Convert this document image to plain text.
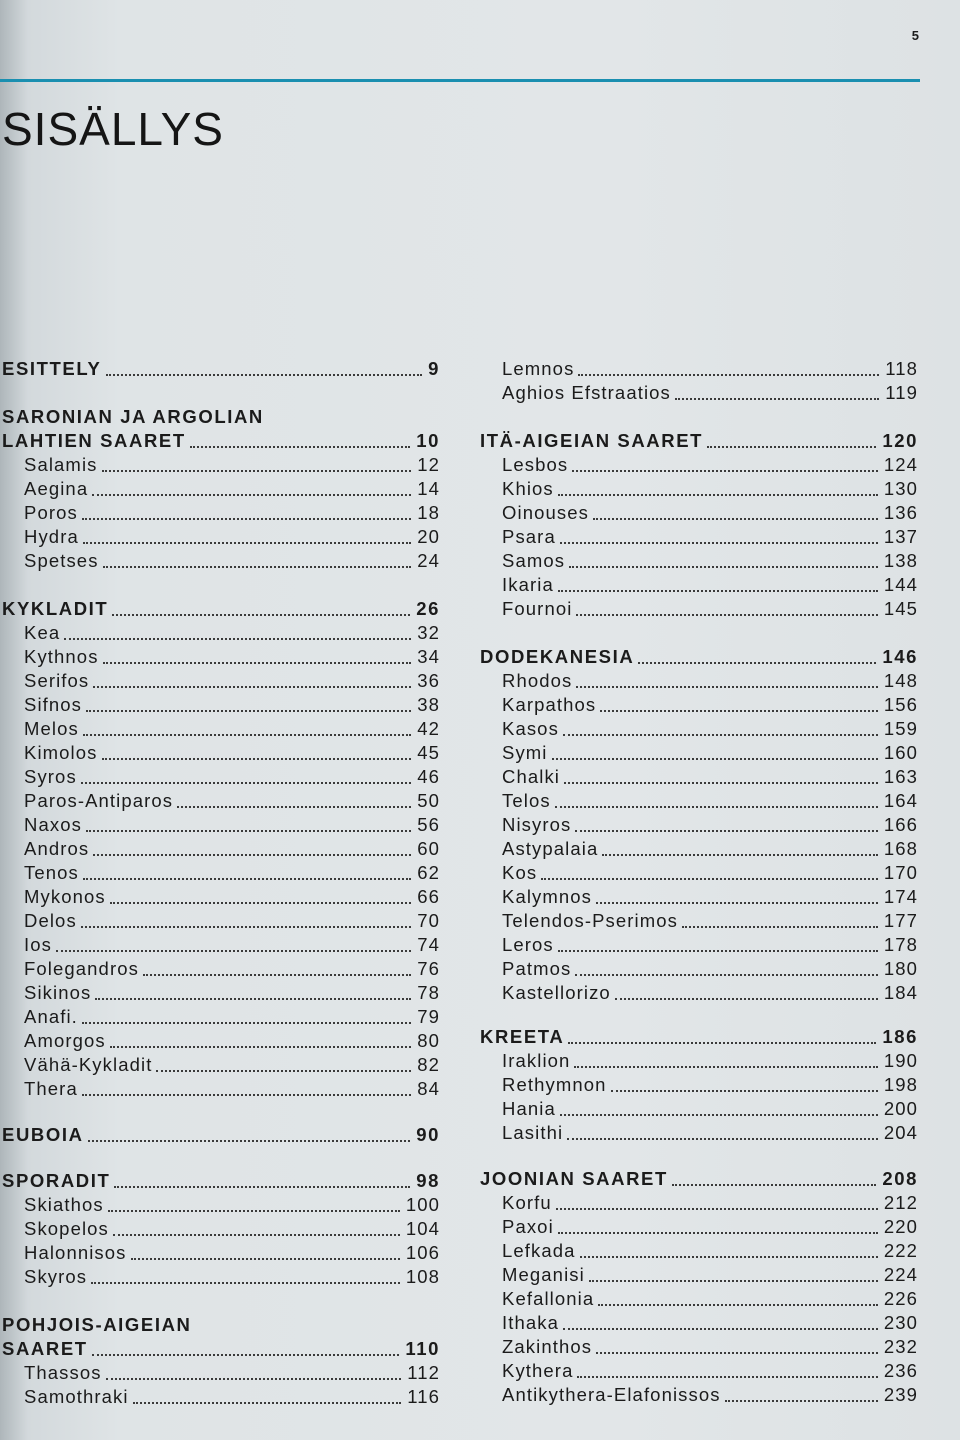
5
SISÄLLYS
ESITTELY	9
SARONIAN JA ARGOLIAN
LAHTIEN SAARET	10
Salamis	12
Aegina	14
Poros	18
Hydra	20
Spetses	24
KYKLADIT	26
Kea	32
Kythnos	34
Serifos	36
Sifnos	38
Melos	42
Kimolos	45
Syros	46
Paros-Antiparos	50
Naxos	56
Andros	60
Tenos	62
Mykonos	66
Delos	70
Ios	74
Folegandros	76
Sikinos	78
Anafi.	79
Amorgos	80
Vähä-Kykladit	82
Thera	84
EUBOIA	90
SPORADIT	98
Skiathos	100
Skopelos	104
Halonnisos	106
Skyros	108
POHJOIS-AIGEIAN
SAARET	110
Thassos	112
Samothraki	116
Lemnos	118
Aghios Efstraatios	119
ITÄ-AIGEIAN SAARET	120
Lesbos	124
Khios	130
Oinouses	136
Psara	137
Samos	138
Ikaria	144
Fournoi	145
DODEKANESIA	146
Rhodos	148
Karpathos	156
Kasos	159
Symi	160
Chalki	163
Telos	164
Nisyros	166
Astypalaia	168
Kos	170
Kalymnos	174
Telendos-Pserimos	177
Leros	178
Patmos	180
Kastellorizo	184
KREETA	186
Iraklion	190
Rethymnon	198
Hania	200
Lasithi	204
JOONIAN SAARET	208
Korfu	212
Paxoi	220
Lefkada	222
Meganisi	224
Kefallonia	226
Ithaka	230
Zakinthos	232
Kythera	236
Antikythera-Elafonissos	239
